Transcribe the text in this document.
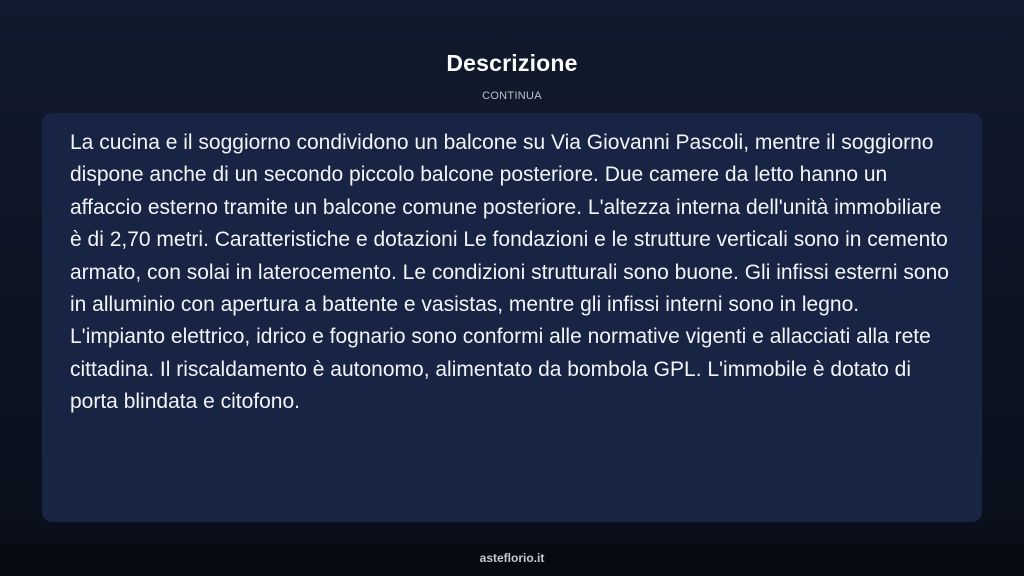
Descrizione
CONTINUA

La cucina e il soggiorno condividono un balcone su Via Giovanni Pascoli, mentre il soggiorno dispone anche di un secondo piccolo balcone posteriore. Due camere da letto hanno un affaccio esterno tramite un balcone comune posteriore. L'altezza interna dell'unità immobiliare è di 2,70 metri. Caratteristiche e dotazioni Le fondazioni e le strutture verticali sono in cemento armato, con solai in laterocemento. Le condizioni strutturali sono buone. Gli infissi esterni sono in alluminio con apertura a battente e vasistas, mentre gli infissi interni sono in legno. L'impianto elettrico, idrico e fognario sono conformi alle normative vigenti e allacciati alla rete cittadina. Il riscaldamento è autonomo, alimentato da bombola GPL. L'immobile è dotato di porta blindata e citofono.

asteflorio.it
